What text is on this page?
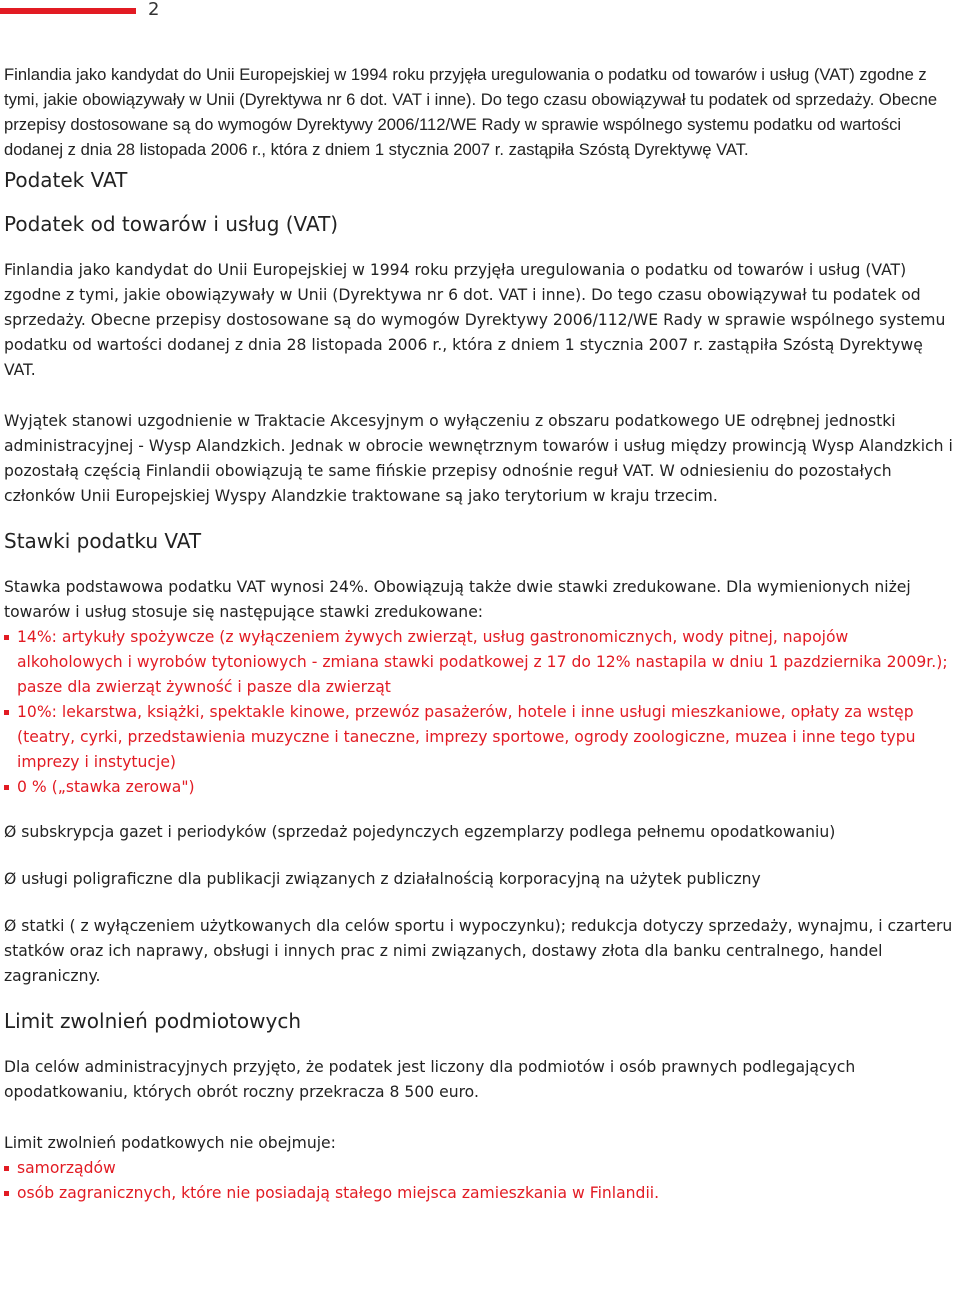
2

Finlandia jako kandydat do Unii Europejskiej w 1994 roku przyjęła uregulowania o podatku od towarów i usług (VAT) zgodne z tymi, jakie obowiązywały w Unii (Dyrektywa nr 6 dot. VAT i inne). Do tego czasu obowiązywał tu podatek od sprzedaży. Obecne przepisy dostosowane są do wymogów Dyrektywy 2006/112/WE Rady w sprawie wspólnego systemu podatku od wartości dodanej z dnia 28 listopada 2006 r., która z dniem 1 stycznia 2007 r. zastąpiła Szóstą Dyrektywę VAT.

Podatek VAT
Podatek od towarów i usług (VAT)

Finlandia jako kandydat do Unii Europejskiej w 1994 roku przyjęła uregulowania o podatku od towarów i usług (VAT) zgodne z tymi, jakie obowiązywały w Unii (Dyrektywa nr 6 dot. VAT i inne). Do tego czasu obowiązywał tu podatek od sprzedaży. Obecne przepisy dostosowane są do wymogów Dyrektywy 2006/112/WE Rady w sprawie wspólnego systemu podatku od wartości dodanej z dnia 28 listopada 2006 r., która z dniem 1 stycznia 2007 r. zastąpiła Szóstą Dyrektywę VAT.

Wyjątek stanowi uzgodnienie w Traktacie Akcesyjnym o wyłączeniu z obszaru podatkowego UE odrębnej jednostki administracyjnej - Wysp Alandzkich. Jednak w obrocie wewnętrznym towarów i usług między prowincją Wysp Alandzkich i pozostałą częścią Finlandii obowiązują te same fińskie przepisy odnośnie reguł VAT. W odniesieniu do pozostałych członków Unii Europejskiej Wyspy Alandzkie traktowane są jako terytorium w kraju trzecim.

Stawki podatku VAT

Stawka podstawowa podatku VAT wynosi 24%. Obowiązują także dwie stawki zredukowane. Dla wymienionych niżej towarów i usług stosuje się następujące stawki zredukowane:

14%: artykuły spożywcze (z wyłączeniem żywych zwierząt, usług gastronomicznych, wody pitnej, napojów alkoholowych i wyrobów tytoniowych - zmiana stawki podatkowej z 17 do 12% nastapila w dniu 1 pazdziernika 2009r.); pasze dla zwierząt żywność i pasze dla zwierząt
10%: lekarstwa, książki, spektakle kinowe, przewóz pasażerów, hotele i inne usługi mieszkaniowe, opłaty za wstęp (teatry, cyrki, przedstawienia muzyczne i taneczne, imprezy sportowe, ogrody zoologiczne, muzea i inne tego typu imprezy i instytucje)
0 % („stawka zerowa")

Ø subskrypcja gazet i periodyków (sprzedaż pojedynczych egzemplarzy podlega pełnemu opodatkowaniu)

Ø usługi poligraficzne dla publikacji związanych z działalnością korporacyjną na użytek publiczny

Ø statki ( z wyłączeniem użytkowanych dla celów sportu i wypoczynku); redukcja dotyczy sprzedaży, wynajmu, i czarteru statków oraz ich naprawy, obsługi i innych prac z nimi związanych, dostawy złota dla banku centralnego, handel zagraniczny.

Limit zwolnień podmiotowych

Dla celów administracyjnych przyjęto, że podatek jest liczony dla podmiotów i osób prawnych podlegających opodatkowaniu, których obrót roczny przekracza 8 500 euro.

Limit zwolnień podatkowych nie obejmuje:

samorządów
osób zagranicznych, które nie posiadają stałego miejsca zamieszkania w Finlandii.
